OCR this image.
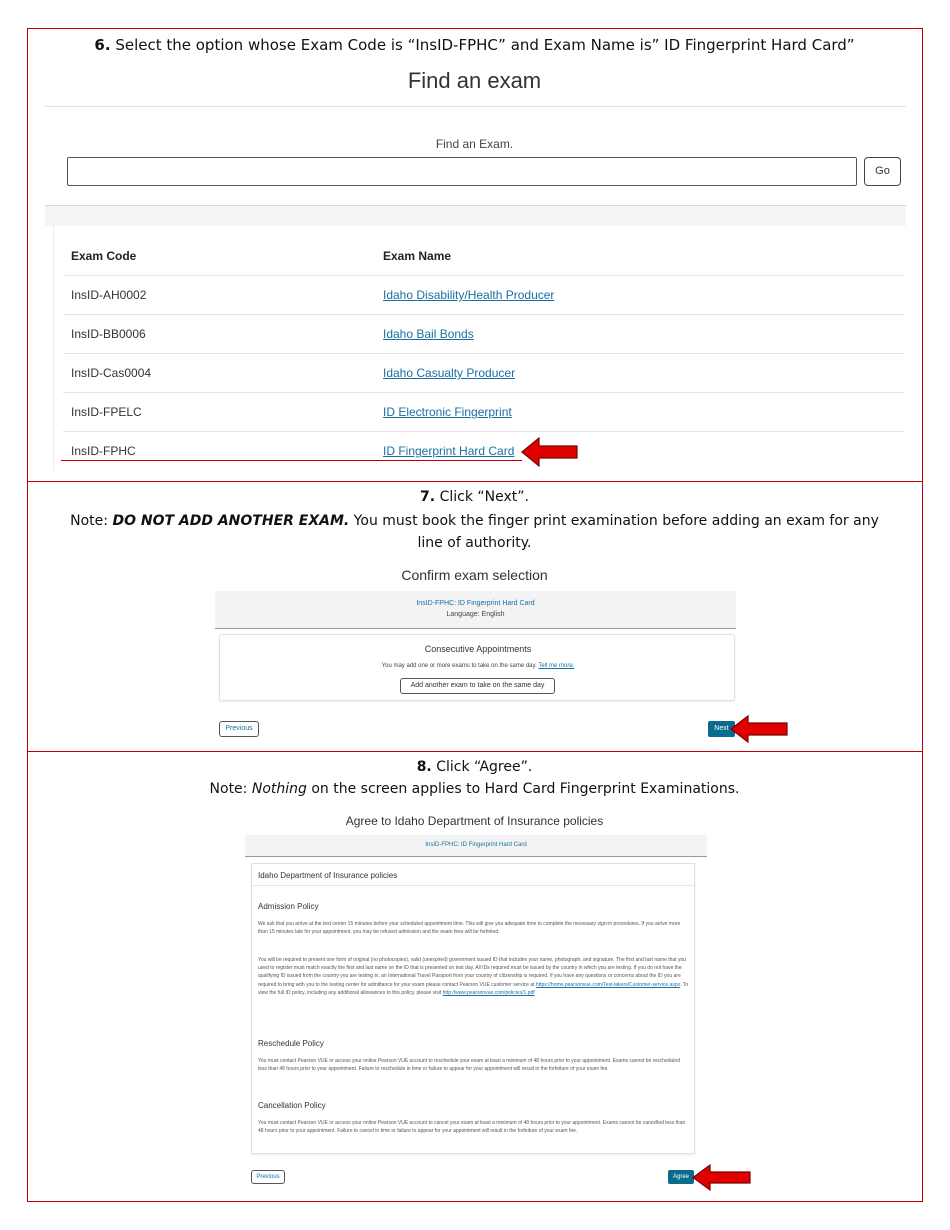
6. Select the option whose Exam Code is “InsID-FPHC” and Exam Name is” ID Fingerprint Hard Card”
Find an exam
Find an Exam.
Go
Exam Code	Exam Name
InsID-AH0002	Idaho Disability/Health Producer
InsID-BB0006	Idaho Bail Bonds
InsID-Cas0004	Idaho Casualty Producer
InsID-FPELC	ID Electronic Fingerprint
InsID-FPHC	ID Fingerprint Hard Card
7. Click “Next”.
Note: DO NOT ADD ANOTHER EXAM. You must book the finger print examination before adding an exam for any
line of authority.
Confirm exam selection
InsID-FPHC: ID Fingerprint Hard Card
Language: English
Consecutive Appointments
You may add one or more exams to take on the same day. Tell me more.
Add another exam to take on the same day
Previous	Next
8. Click “Agree”.
Note: Nothing on the screen applies to Hard Card Fingerprint Examinations.
Agree to Idaho Department of Insurance policies
InsID-FPHC: ID Fingerprint Hard Card
Idaho Department of Insurance policies
Admission Policy
We ask that you arrive at the test center 15 minutes before your scheduled appointment time. This will give you adequate time to complete the necessary sign-in procedures. If you arrive more than 15 minutes late for your appointment, you may be refused admission and the exam fees will be forfeited.
You will be required to present one form of original (no photocopies), valid (unexpired) government issued ID that includes your name, photograph, and signature. The first and last name that you used to register must match exactly the first and last name on the ID that is presented on test day. All IDs required must be issued by the country in which you are testing. If you do not have the qualifying ID issued from the country you are testing in, an International Travel Passport from your country of citizenship is required. If you have any questions or concerns about the ID you are required to bring with you to the testing center for admittance for your exam please contact Pearson VUE customer service at https://home.pearsonvue.com/Test-takers/Customer-service.aspx. To view the full ID policy, including any additional allowances to this policy, please visit http://www.pearsonvue.com/policies/1.pdf
Reschedule Policy
You must contact Pearson VUE or access your online Pearson VUE account to reschedule your exam at least a minimum of 48 hours prior to your appointment. Exams cannot be rescheduled less than 48 hours prior to your appointment. Failure to reschedule in time or failure to appear for your appointment will result in the forfeiture of your exam fee.
Cancellation Policy
You must contact Pearson VUE or access your online Pearson VUE account to cancel your exam at least a minimum of 48 hours prior to your appointment. Exams cannot be cancelled less than 48 hours prior to your appointment. Failure to cancel in time or failure to appear for your appointment will result in the forfeiture of your exam fee.
Previous	Agree
